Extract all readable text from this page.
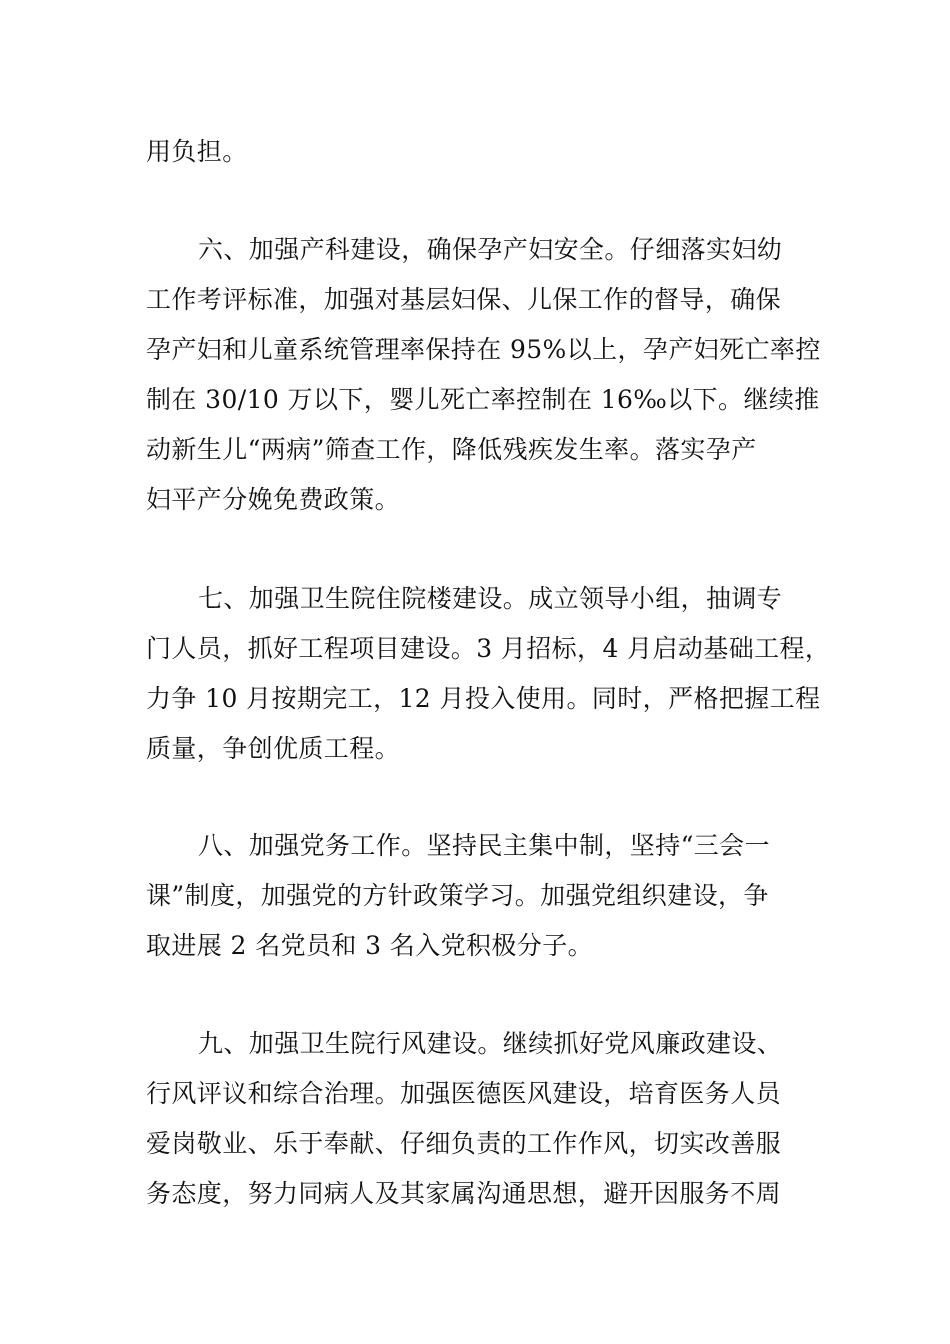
用负担。
六、加强产科建设，确保孕产妇安全。仔细落实妇幼
工作考评标准，加强对基层妇保、儿保工作的督导，确保
孕产妇和儿童系统管理率保持在 95%以上，孕产妇死亡率控
制在 30/10 万以下，婴儿死亡率控制在 16‰以下。继续推
动新生儿“两病”筛查工作，降低残疾发生率。落实孕产
妇平产分娩免费政策。
七、加强卫生院住院楼建设。成立领导小组，抽调专
门人员，抓好工程项目建设。3 月招标，4 月启动基础工程，
力争 10 月按期完工，12 月投入使用。同时，严格把握工程
质量，争创优质工程。
八、加强党务工作。坚持民主集中制，坚持“三会一
课”制度，加强党的方针政策学习。加强党组织建设，争
取进展 2 名党员和 3 名入党积极分子。
九、加强卫生院行风建设。继续抓好党风廉政建设、
行风评议和综合治理。加强医德医风建设，培育医务人员
爱岗敬业、乐于奉献、仔细负责的工作作风，切实改善服
务态度，努力同病人及其家属沟通思想，避开因服务不周
